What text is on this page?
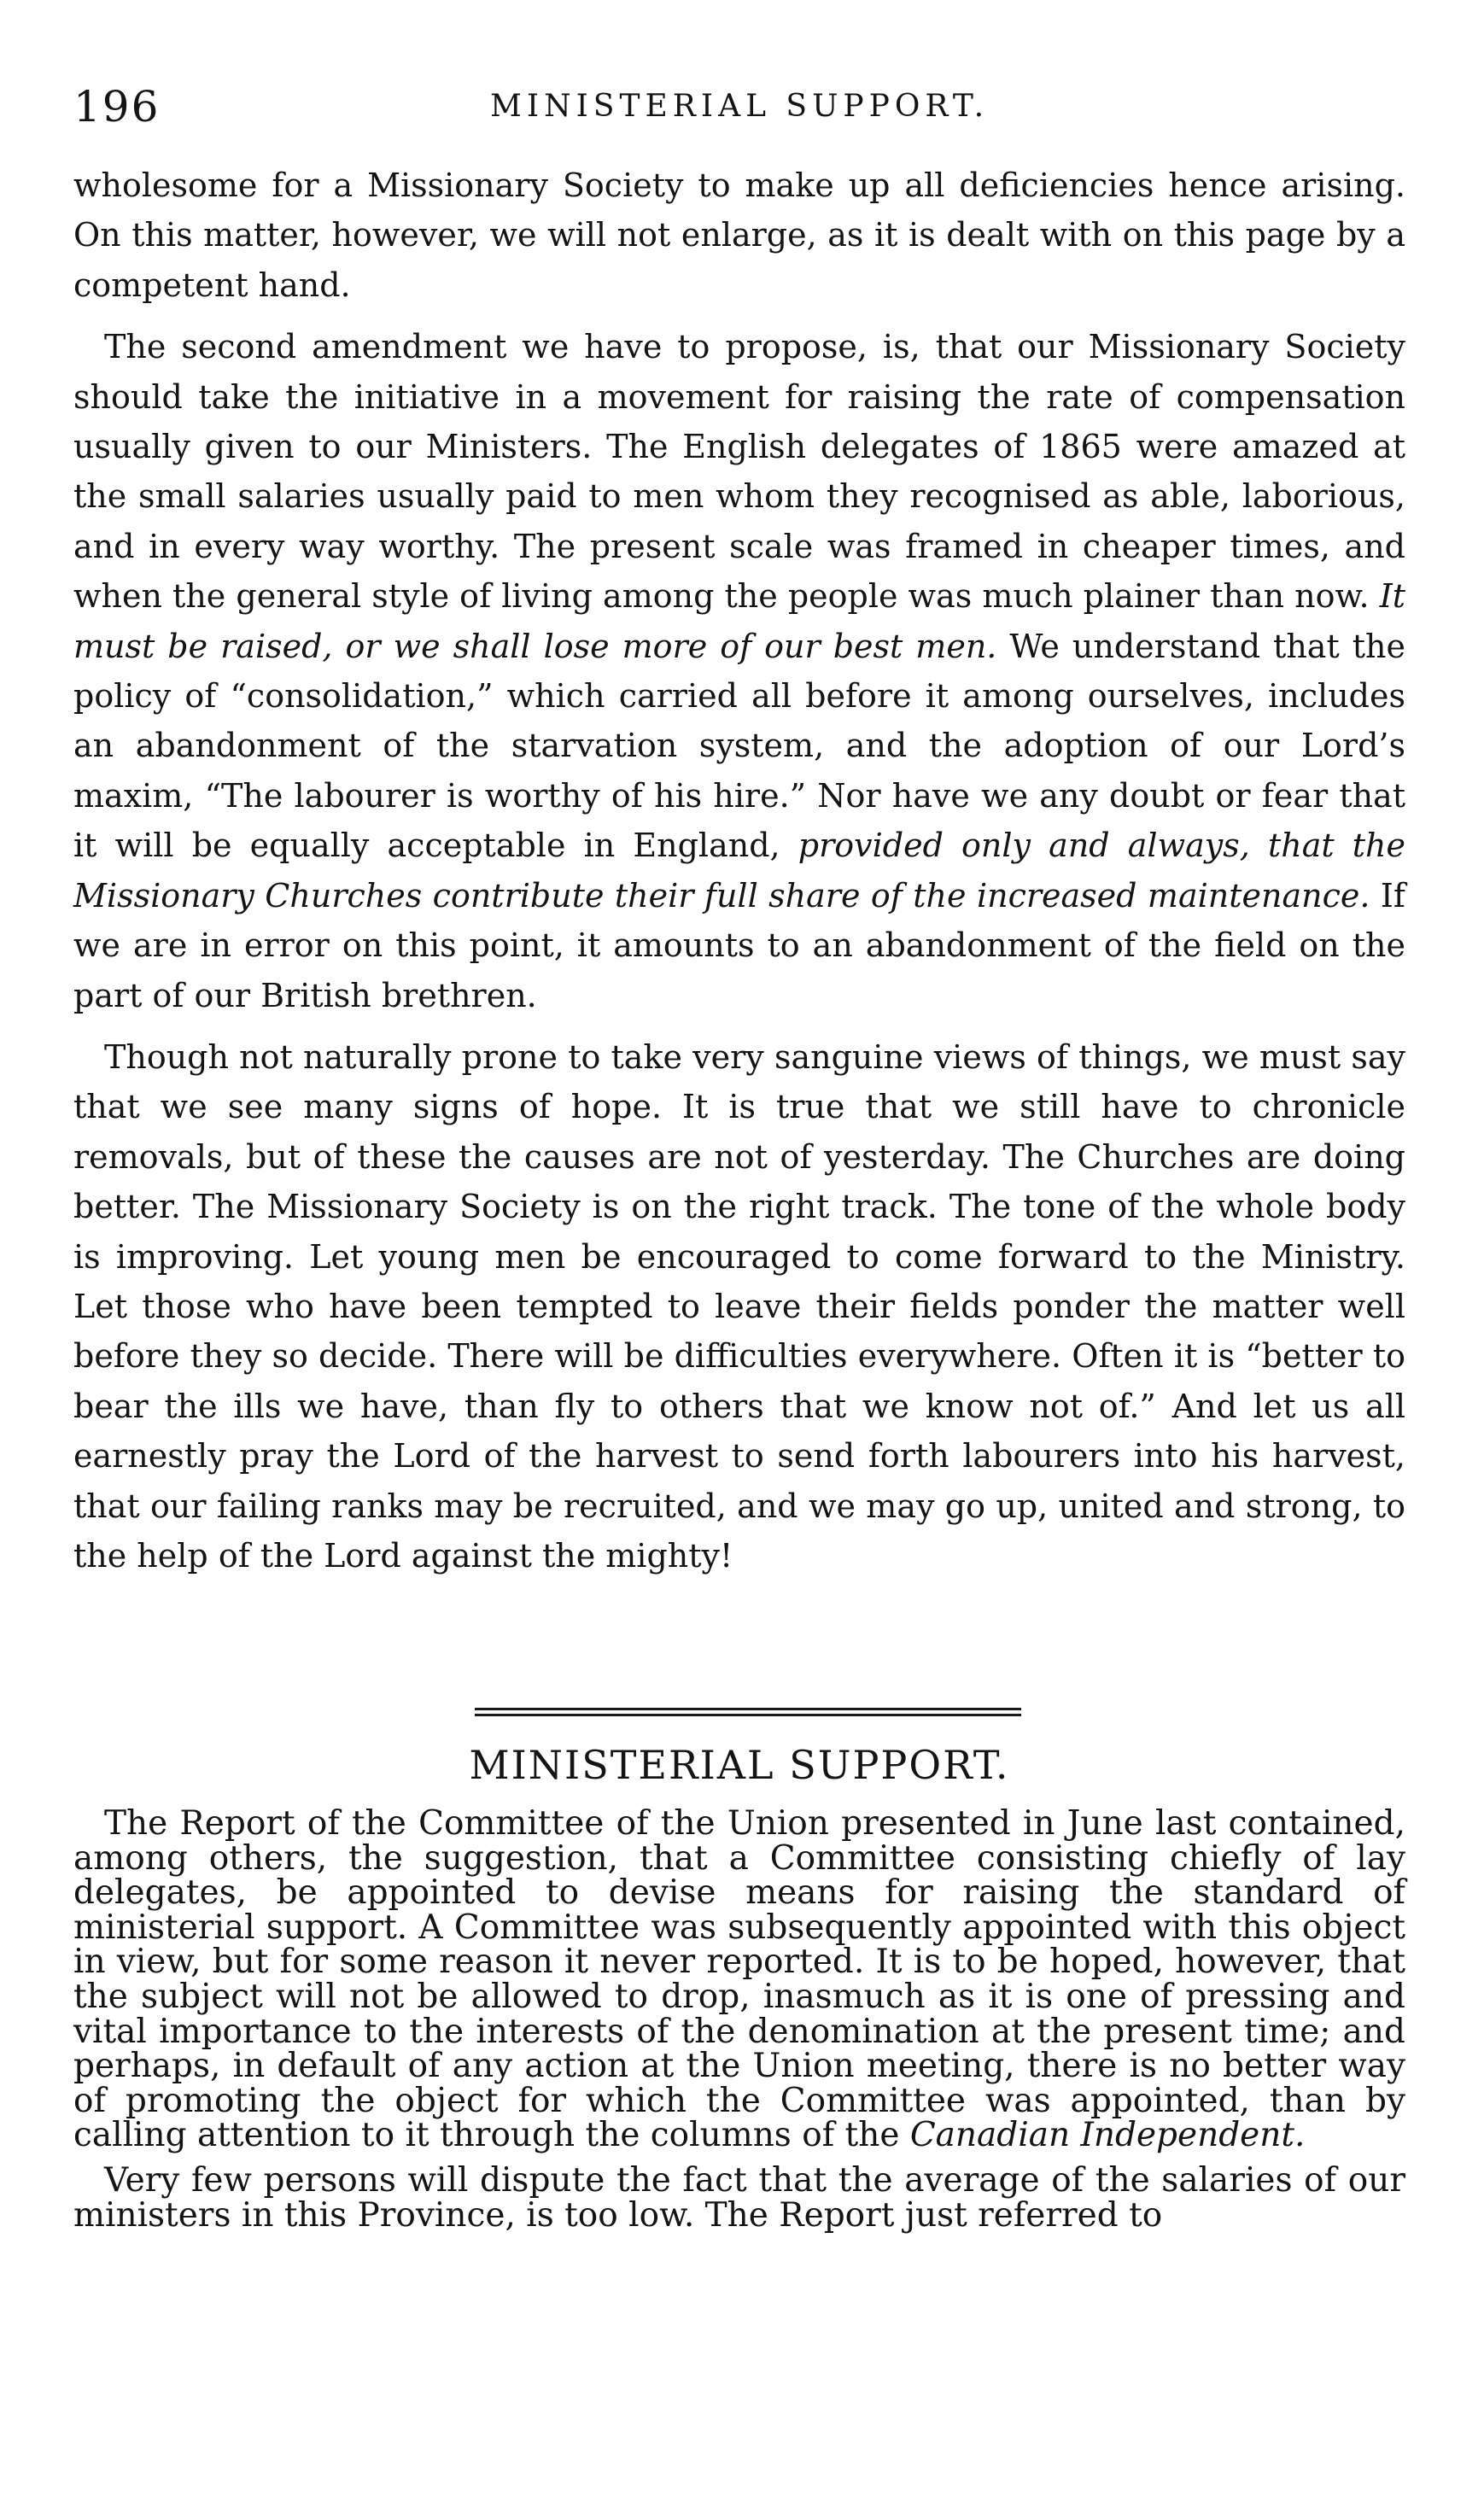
196	MINISTERIAL SUPPORT.

wholesome for a Missionary Society to make up all deficiencies hence arising. On this matter, however, we will not enlarge, as it is dealt with on this page by a competent hand.

The second amendment we have to propose, is, that our Missionary Society should take the initiative in a movement for raising the rate of compensation usually given to our Ministers. The English delegates of 1865 were amazed at the small salaries usually paid to men whom they recognised as able, laborious, and in every way worthy. The present scale was framed in cheaper times, and when the general style of living among the people was much plainer than now. It must be raised, or we shall lose more of our best men. We understand that the policy of “consolidation,” which carried all before it among ourselves, includes an abandonment of the starvation system, and the adoption of our Lord’s maxim, “The labourer is worthy of his hire.” Nor have we any doubt or fear that it will be equally acceptable in England, provided only and always, that the Missionary Churches contribute their full share of the increased maintenance. If we are in error on this point, it amounts to an abandonment of the field on the part of our British brethren.

Though not naturally prone to take very sanguine views of things, we must say that we see many signs of hope. It is true that we still have to chronicle removals, but of these the causes are not of yesterday. The Churches are doing better. The Missionary Society is on the right track. The tone of the whole body is improving. Let young men be encouraged to come forward to the Ministry. Let those who have been tempted to leave their fields ponder the matter well before they so decide. There will be difficulties everywhere. Often it is “better to bear the ills we have, than fly to others that we know not of.” And let us all earnestly pray the Lord of the harvest to send forth labourers into his harvest, that our failing ranks may be recruited, and we may go up, united and strong, to the help of the Lord against the mighty!

MINISTERIAL SUPPORT.

The Report of the Committee of the Union presented in June last contained, among others, the suggestion, that a Committee consisting chiefly of lay delegates, be appointed to devise means for raising the standard of ministerial support. A Committee was subsequently appointed with this object in view, but for some reason it never reported. It is to be hoped, however, that the subject will not be allowed to drop, inasmuch as it is one of pressing and vital importance to the interests of the denomination at the present time; and perhaps, in default of any action at the Union meeting, there is no better way of promoting the object for which the Committee was appointed, than by calling attention to it through the columns of the Canadian Independent.

Very few persons will dispute the fact that the average of the salaries of our ministers in this Province, is too low. The Report just referred to
